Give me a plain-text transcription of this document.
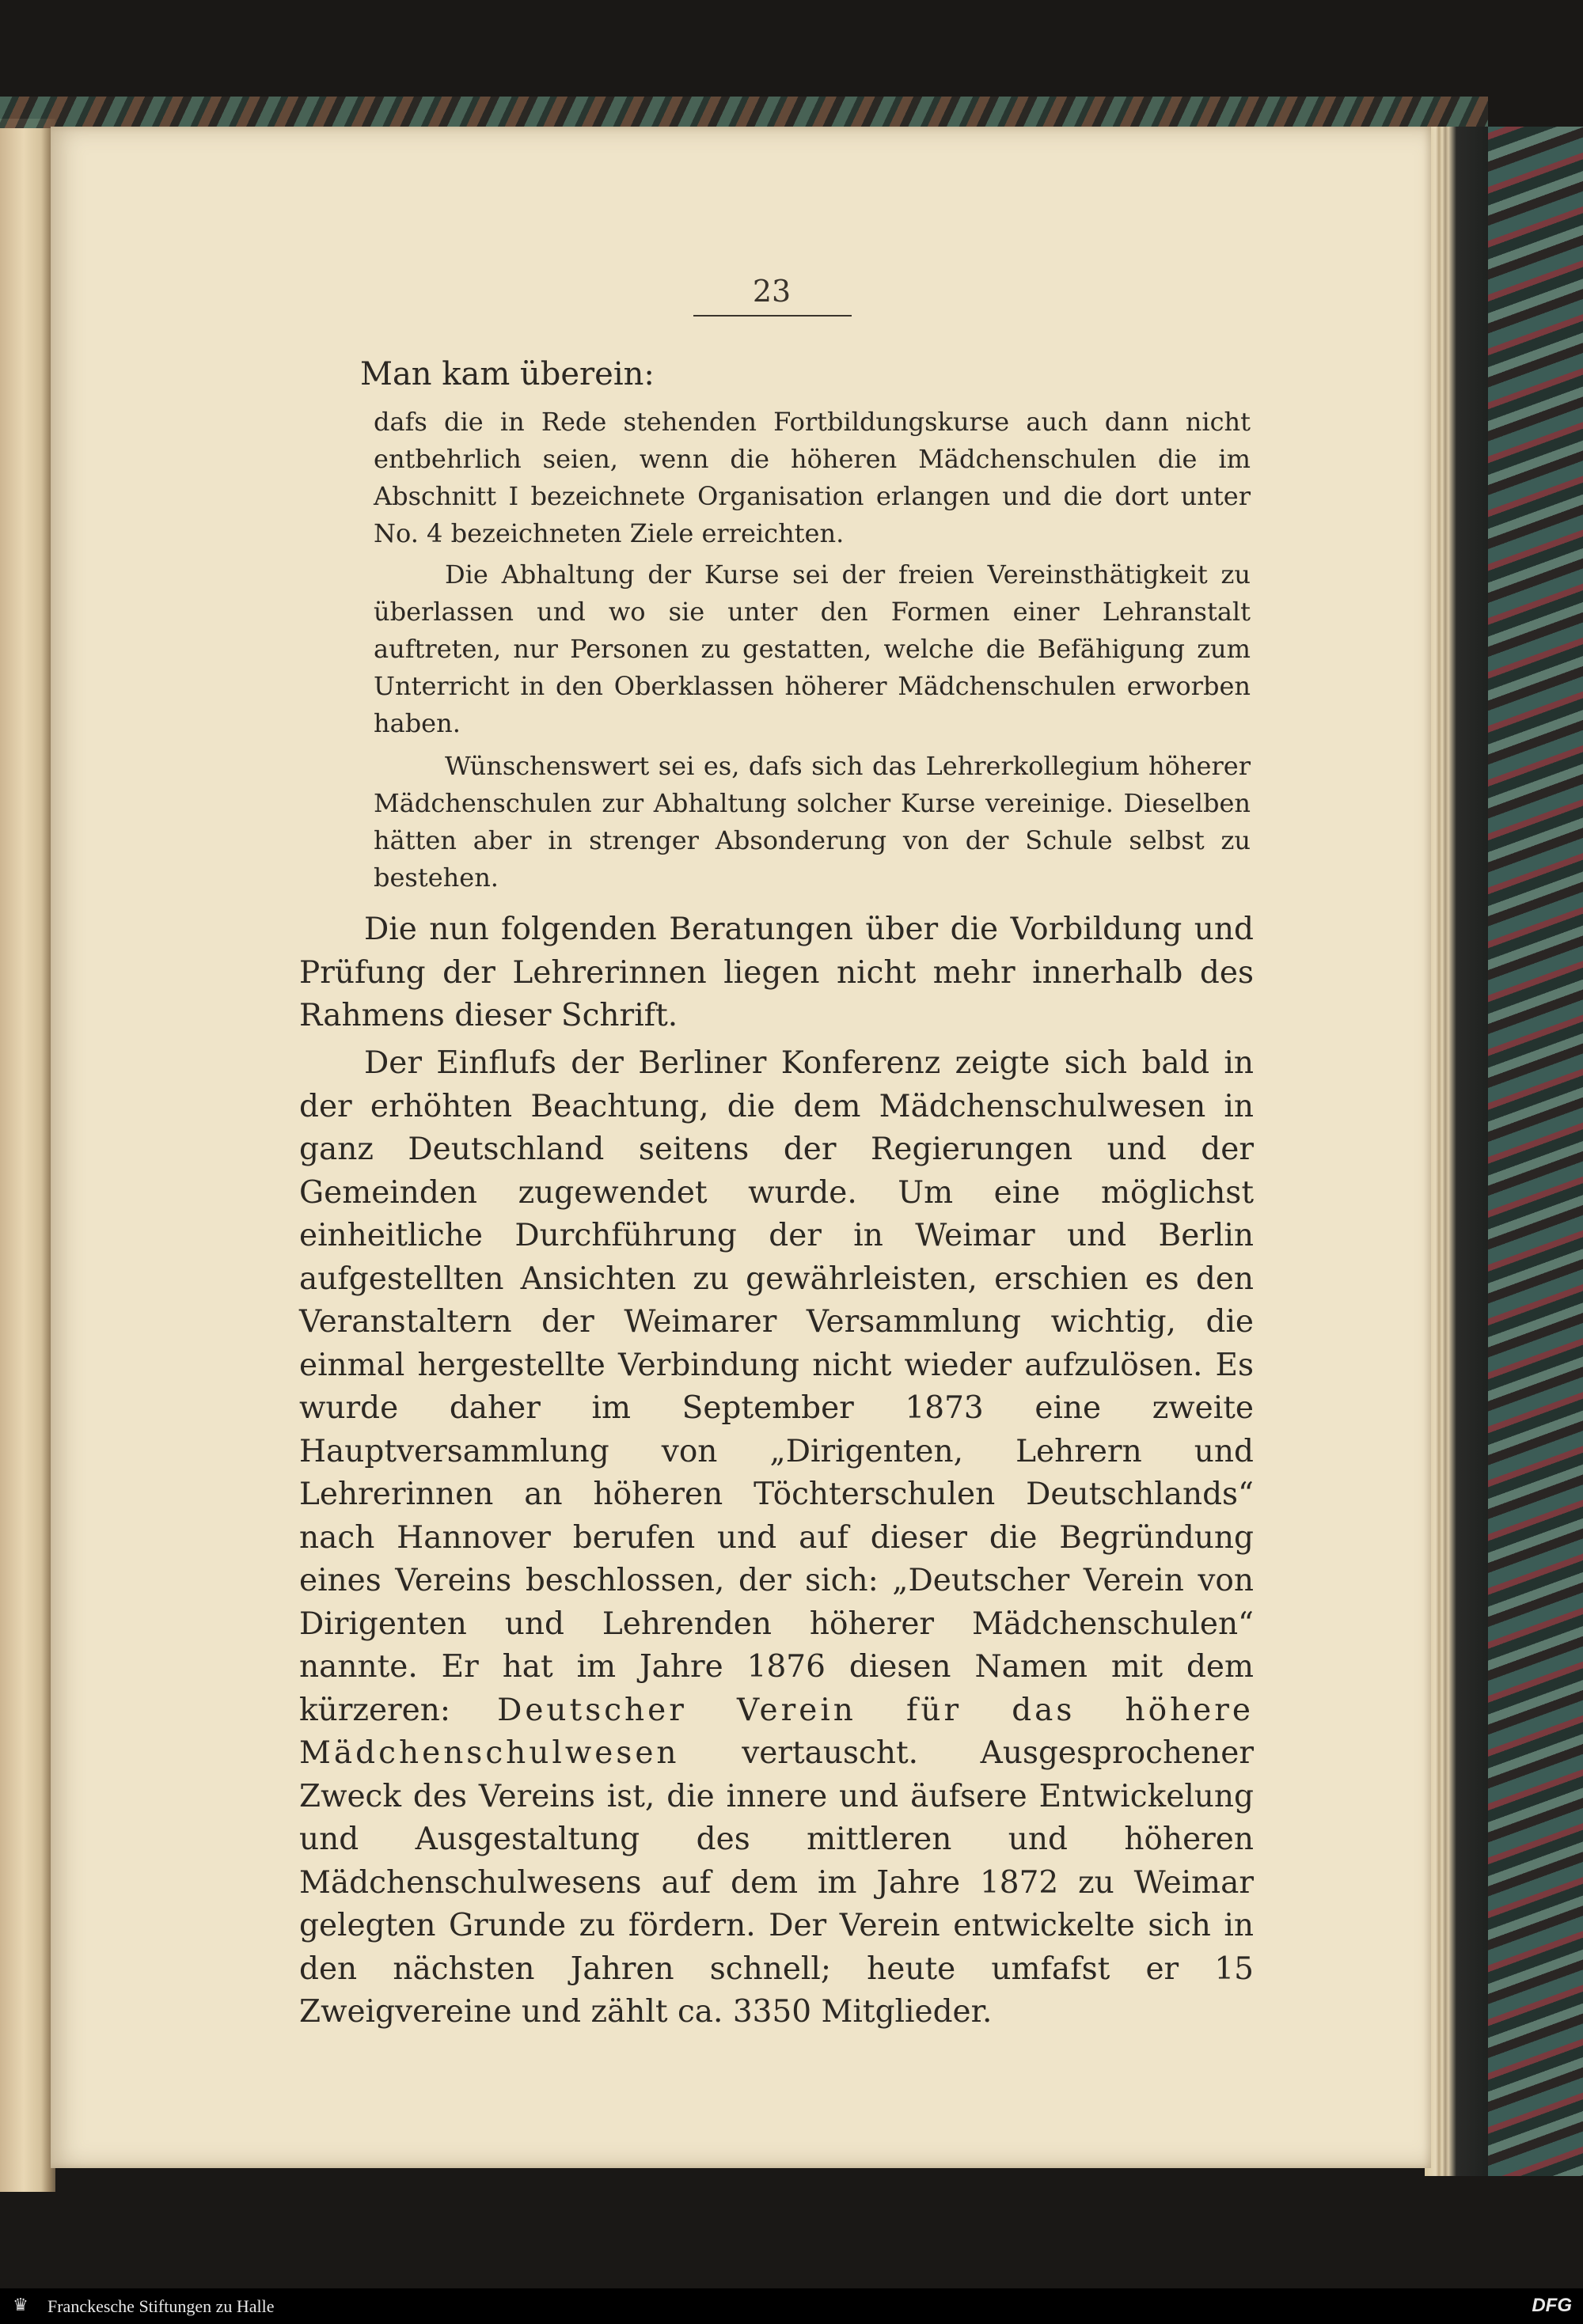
23
Man kam überein:

dafs die in Rede stehenden Fortbildungskurse auch dann nicht entbehrlich seien, wenn die höheren Mädchenschulen die im Abschnitt I bezeichnete Organisation erlangen und die dort unter No. 4 bezeichneten Ziele erreichten.

Die Abhaltung der Kurse sei der freien Vereinsthätigkeit zu überlassen und wo sie unter den Formen einer Lehranstalt auftreten, nur Personen zu gestatten, welche die Befähigung zum Unterricht in den Oberklassen höherer Mädchenschulen erworben haben.

Wünschenswert sei es, dafs sich das Lehrerkollegium höherer Mädchenschulen zur Abhaltung solcher Kurse vereinige. Dieselben hätten aber in strenger Absonderung von der Schule selbst zu bestehen.

Die nun folgenden Beratungen über die Vorbildung und Prüfung der Lehrerinnen liegen nicht mehr innerhalb des Rahmens dieser Schrift.

Der Einflufs der Berliner Konferenz zeigte sich bald in der erhöhten Beachtung, die dem Mädchenschulwesen in ganz Deutschland seitens der Regierungen und der Gemeinden zugewendet wurde. Um eine möglichst einheitliche Durchführung der in Weimar und Berlin aufgestellten Ansichten zu gewährleisten, erschien es den Veranstaltern der Weimarer Versammlung wichtig, die einmal hergestellte Verbindung nicht wieder aufzulösen. Es wurde daher im September 1873 eine zweite Hauptversammlung von „Dirigenten, Lehrern und Lehrerinnen an höheren Töchterschulen Deutschlands“ nach Hannover berufen und auf dieser die Begründung eines Vereins beschlossen, der sich: „Deutscher Verein von Dirigenten und Lehrenden höherer Mädchenschulen“ nannte. Er hat im Jahre 1876 diesen Namen mit dem kürzeren: Deutscher Verein für das höhere Mädchenschulwesen vertauscht. Ausgesprochener Zweck des Vereins ist, die innere und äufsere Entwickelung und Ausgestaltung des mittleren und höheren Mädchenschulwesens auf dem im Jahre 1872 zu Weimar gelegten Grunde zu fördern. Der Verein entwickelte sich in den nächsten Jahren schnell; heute umfafst er 15 Zweigvereine und zählt ca. 3350 Mitglieder.

♛ Franckesche Stiftungen zu Halle	DFG
